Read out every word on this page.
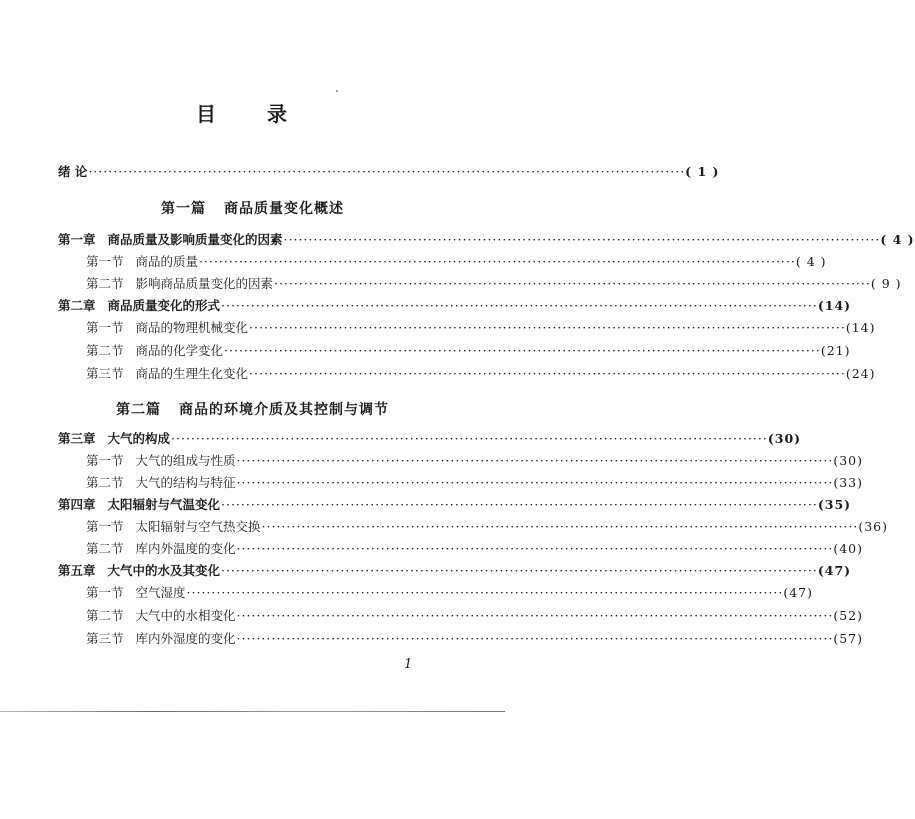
目 录
绪 论 ························································································································ ( 1 )
第一篇 商品质量变化概述
第一章 商品质量及影响质量变化的因素 ························································································································ ( 4 )
第一节 商品的质量 ························································································································ ( 4 )
第二节 影响商品质量变化的因素 ························································································································ ( 9 )
第二章 商品质量变化的形式 ························································································································ (14)
第一节 商品的物理机械变化 ························································································································ (14)
第二节 商品的化学变化 ························································································································ (21)
第三节 商品的生理生化变化 ························································································································ (24)
第二篇 商品的环境介质及其控制与调节
第三章 大气的构成 ························································································································ (30)
第一节 大气的组成与性质 ························································································································ (30)
第二节 大气的结构与特征 ························································································································ (33)
第四章 太阳辐射与气温变化 ························································································································ (35)
第一节 太阳辐射与空气热交换 ························································································································ (36)
第二节 库内外温度的变化 ························································································································ (40)
第五章 大气中的水及其变化 ························································································································ (47)
第一节 空气湿度 ························································································································ (47)
第二节 大气中的水相变化 ························································································································ (52)
第三节 库内外湿度的变化 ························································································································ (57)
1
